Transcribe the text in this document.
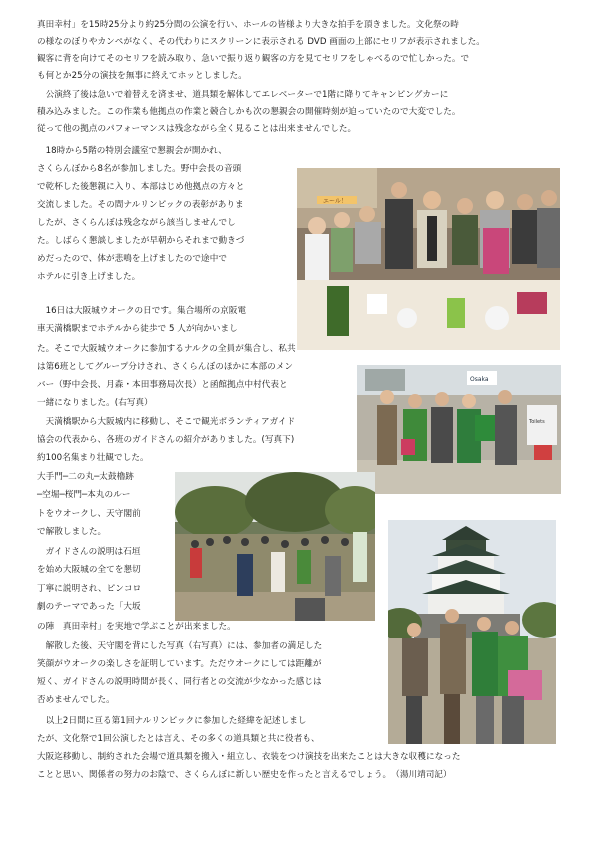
真田幸村」を15時25分より約25分間の公演を行い、ホールの皆様より大きな拍手を頂きました。文化祭の時
の様なのぼりやカンペがなく、その代わりにスクリーンに表示される DVD 画面の上部にセリフが表示されました。
観客に背を向けてそのセリフを読み取り、急いで振り返り観客の方を見てセリフをしゃべるので忙しかった。で
も何とか25分の演技を無事に終えてホッとしました。
　公演終了後は急いで着替えを済ませ、道具類を解体してエレベーターで1階に降りてキャンピングカーに
積み込みました。この作業も他拠点の作業と競合しかも次の懇親会の開催時刻が迫っていたので大変でした。
従って他の拠点のパフォーマンスは残念ながら全く見ることは出来ませんでした。
　18時から5階の特別会議室で懇親会が開かれ、
さくらんぼから8名が参加しました。野中会長の音頭
で乾杯した後懇親に入り、本部はじめ他拠点の方々と
交流しました。その間ナルリンピックの表彰がありま
したが、さくらんぼは残念ながら該当しませんでし
た。しばらく懇談しましたが早朝からそれまで動きづ
めだったので、体が悲鳴を上げましたので途中で
ホテルに引き上げました。
　16日は大阪城ウオークの日です。集合場所の京阪電
車天満橋駅までホテルから徒歩で 5 人が向かいまし
た。そこで大阪城ウオークに参加するナルクの全員が集合し、私共
は第6班としてグループ分けされ、さくらんぼのほかに本部のメン
バー（野中会長、月森・本田事務局次長）と函館拠点中村代表と
一緒になりました。(右写真）
　天満橋駅から大阪城内に移動し、そこで観光ボランティアガイド
協会の代表から、各班のガイドさんの紹介がありました。(写真下)
約100名集まり壮観でした。
大手門─二の丸─太鼓櫓跡
─空堀─桜門─本丸のルー
トをウオークし、天守閣前
で解散しました。
　ガイドさんの説明は石垣
を始め大阪城の全てを懇切
丁寧に説明され、ピンコロ
劇のテーマであった「大坂
の陣　真田幸村」を実地で学ぶことが出来ました。
　解散した後、天守閣を背にした写真（右写真）には、参加者の満足した
笑顔がウオークの楽しさを証明しています。ただウオークにしては距離が
短く、ガイドさんの説明時間が長く、同行者との交流が少なかった感じは
否めませんでした。
　以上2日間に亘る第1回ナルリンピックに参加した経緯を記述しまし
たが、文化祭で1回公演したとは言え、その多くの道具類と共に役者も、
大阪迄移動し、制約された会場で道具類を搬入・組立し、衣装をつけ演技を出来たことは大きな収穫になった
ことと思い、関係者の努力のお陰で、さくらんぼに新しい歴史を作ったと言えるでしょう。　（湯川靖司記）
エール！
Osaka
Toilets
